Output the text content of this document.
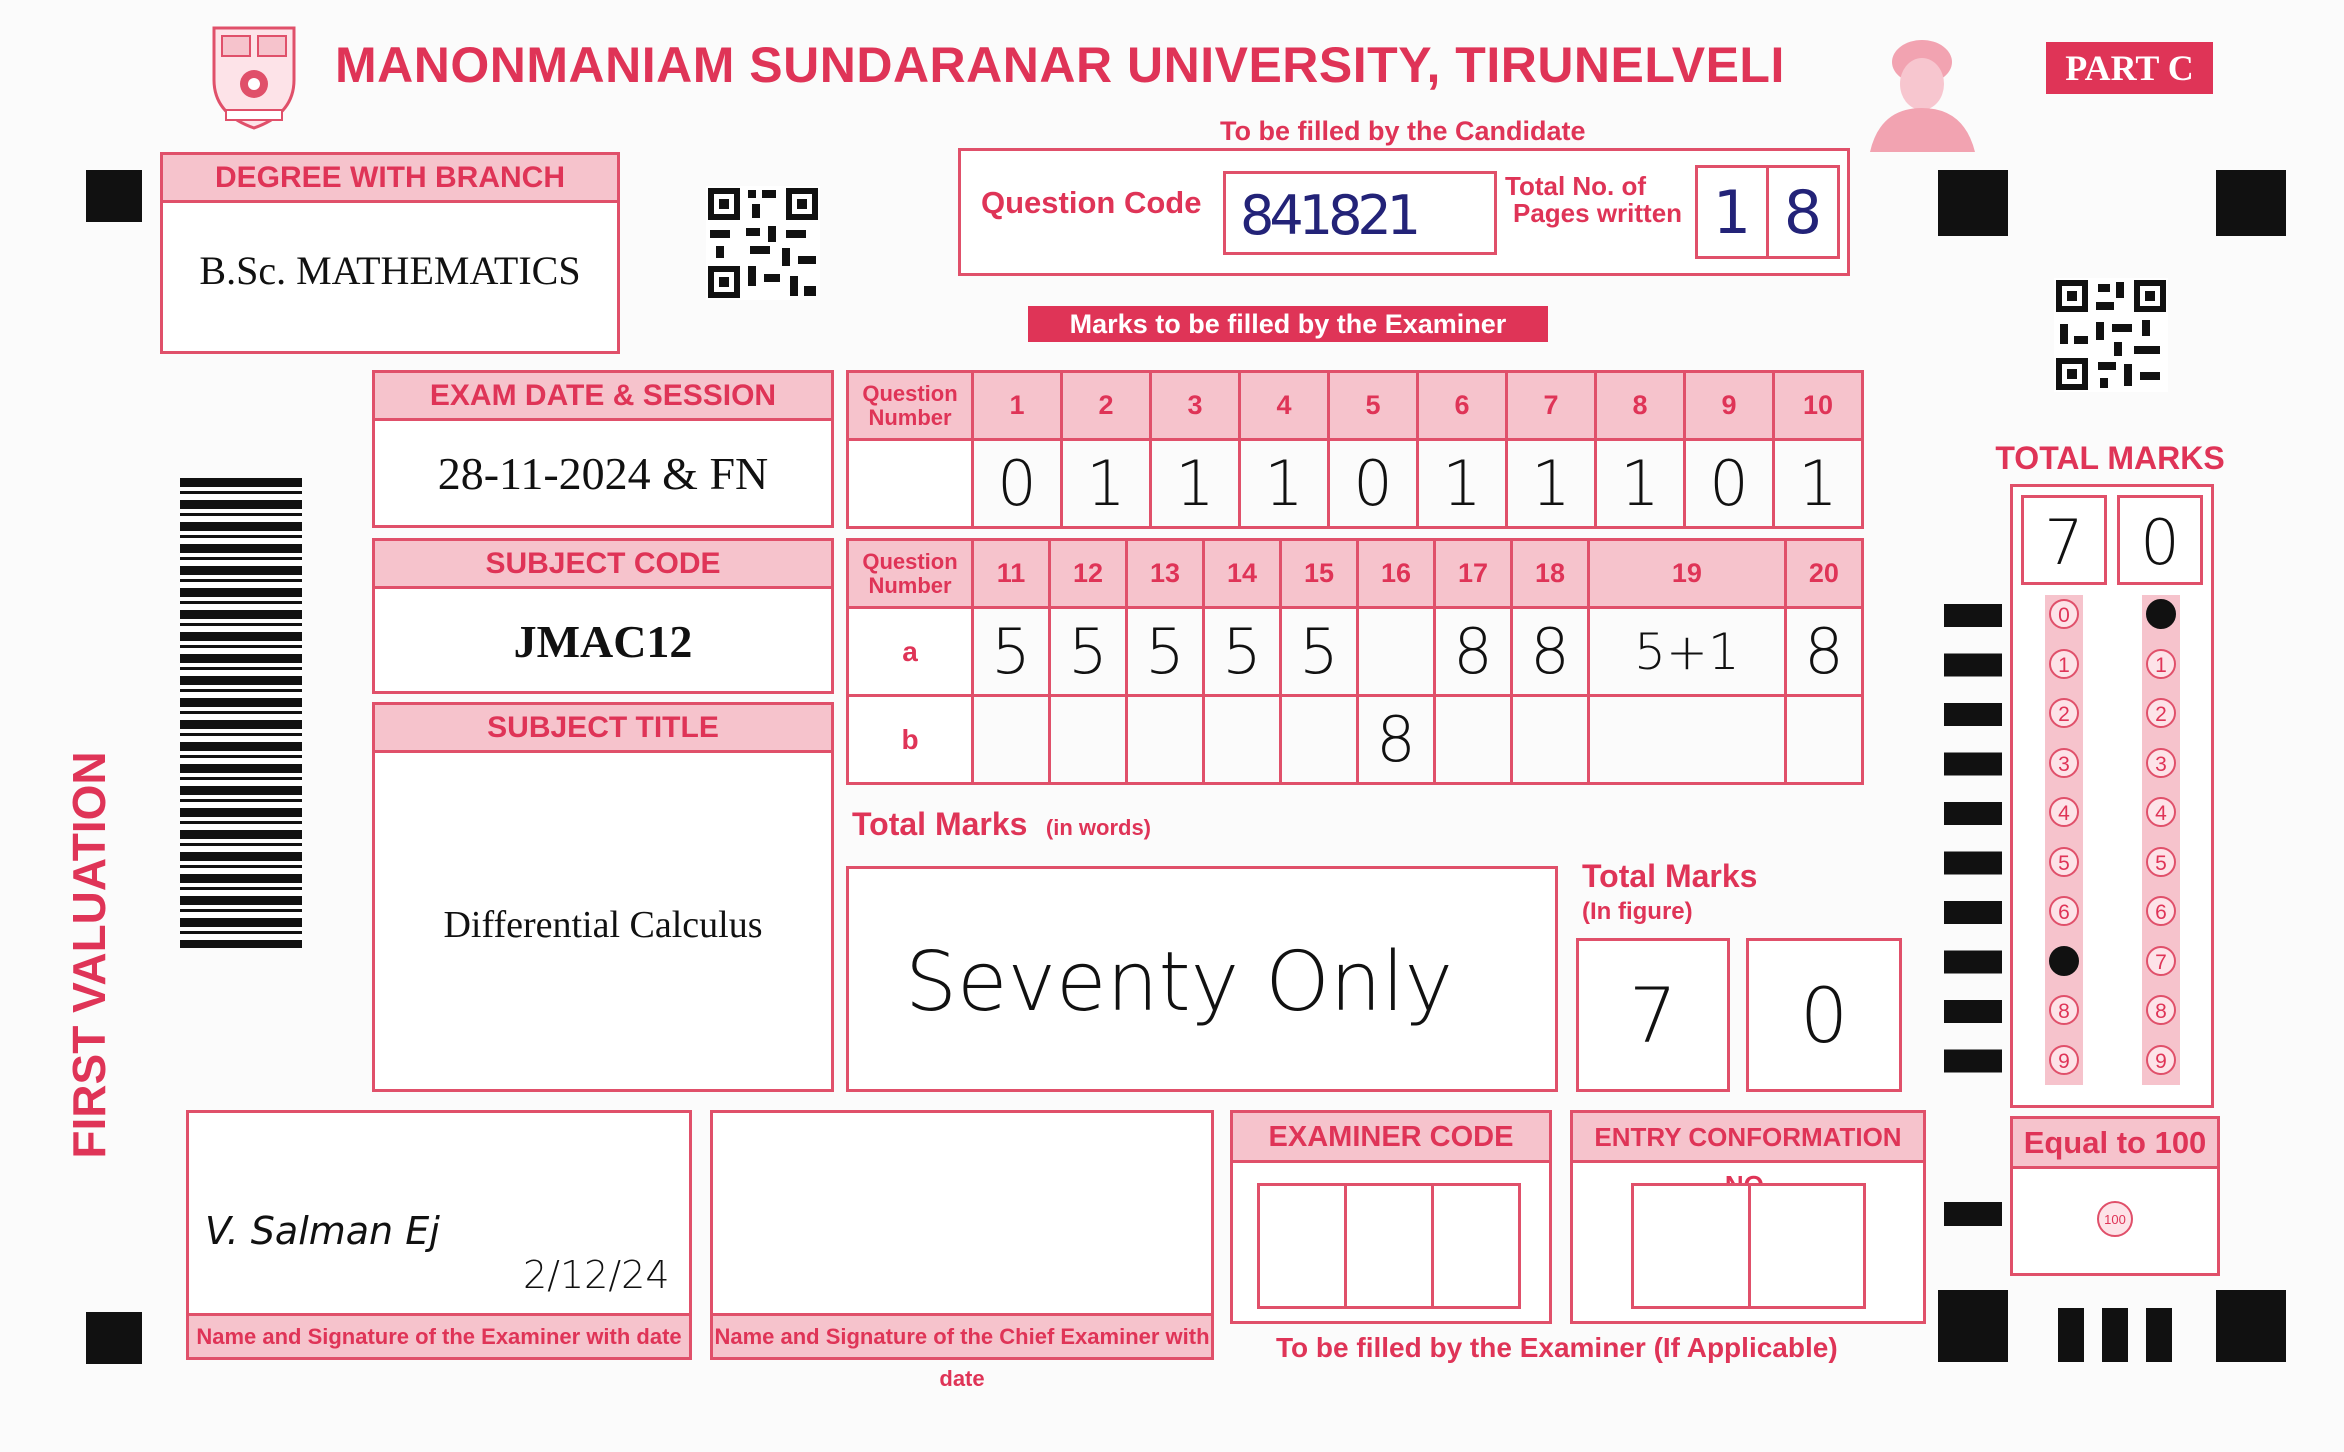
MANONMANIAM SUNDARANAR UNIVERSITY, TIRUNELVELI	PART C
To be filled by the Candidate
DEGREE WITH BRANCH
B.Sc. MATHEMATICS
Question Code 841821	Total No. of
Pages written 1 8
Marks to be filled by the Examiner
FIRST VALUATION
EXAM DATE & SESSION
28-11-2024 & FN
SUBJECT CODE
JMAC12
SUBJECT TITLE
Differential Calculus
Question
Number	1	2	3	4	5	6	7	8	9	10
	0	1	1	1	0	1	1	1	0	1
Question
Number	11	12	13	14	15	16	17	18	19	20
a	5	5	5	5	5		8	8	5+1	8
b						8				
Total Marks (in words)
Seventy Only
Total Marks
(In figure)
7	0
TOTAL MARKS
7 0
0
1
2
3
4
5
6
8
9
1
2
3
4
5
6
7
8
9
Equal to 100
100
V. Salman Ej
2/12/24
Name and Signature of the Examiner with date	Name and Signature of the Chief Examiner with date
EXAMINER CODE	ENTRY CONFORMATION
To be filled by the Examiner (If Applicable)
